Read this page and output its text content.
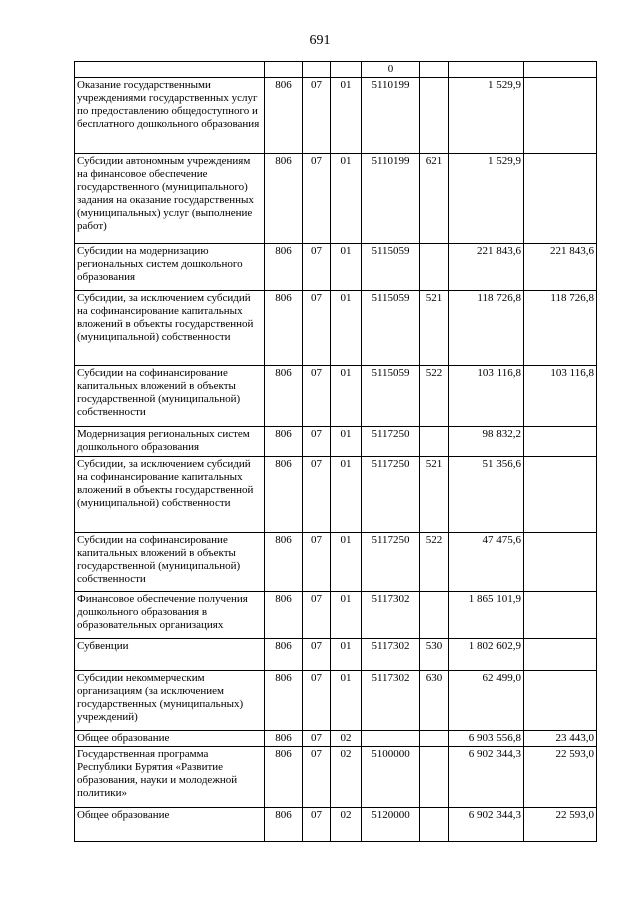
691
				0			
Оказание государственными учреждениями государственных услуг по предоставлению общедоступного и бесплатного дошкольного образования	806	07	01	5110199		1 529,9	
Субсидии автономным учреждениям на финансовое обеспечение государственного (муниципального) задания на оказание государственных (муниципальных) услуг (выполнение работ)	806	07	01	5110199	621	1 529,9	
Субсидии на модернизацию региональных систем дошкольного образования	806	07	01	5115059		221 843,6	221 843,6
Субсидии, за исключением субсидий на софинансирование капитальных вложений в объекты государственной (муниципальной) собственности	806	07	01	5115059	521	118 726,8	118 726,8
Субсидии на софинансирование капитальных вложений в объекты государственной (муниципальной) собственности	806	07	01	5115059	522	103 116,8	103 116,8
Модернизация региональных систем дошкольного образования	806	07	01	5117250		98 832,2	
Субсидии, за исключением субсидий на софинансирование капитальных вложений в объекты государственной (муниципальной) собственности	806	07	01	5117250	521	51 356,6	
Субсидии на софинансирование капитальных вложений в объекты государственной (муниципальной) собственности	806	07	01	5117250	522	47 475,6	
Финансовое обеспечение получения дошкольного образования в образовательных организациях	806	07	01	5117302		1 865 101,9	
Субвенции	806	07	01	5117302	530	1 802 602,9	
Субсидии некоммерческим организациям (за исключением государственных (муниципальных) учреждений)	806	07	01	5117302	630	62 499,0	
Общее образование	806	07	02			6 903 556,8	23 443,0
Государственная программа Республики Бурятия «Развитие образования, науки и молодежной политики»	806	07	02	5100000		6 902 344,3	22 593,0
Общее образование	806	07	02	5120000		6 902 344,3	22 593,0
